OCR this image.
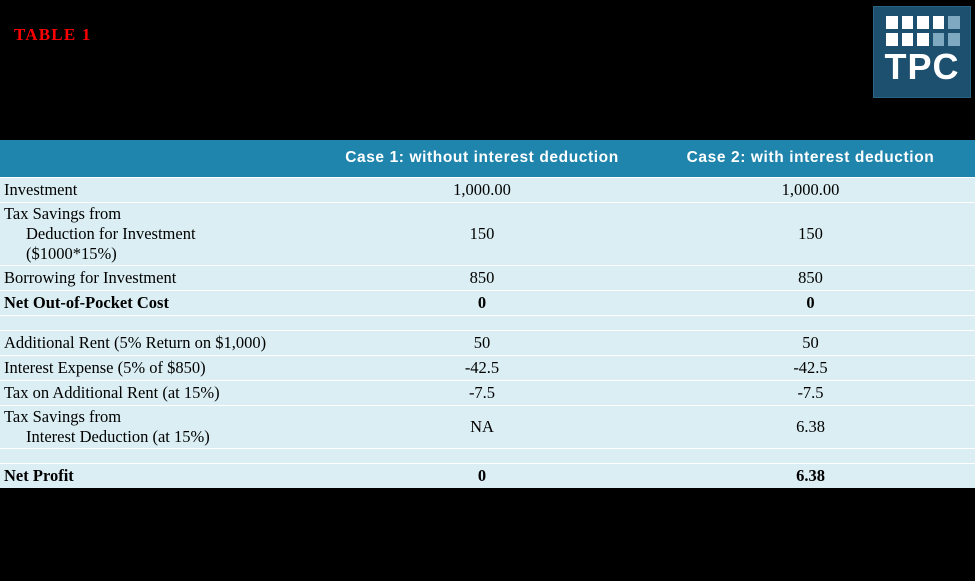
TABLE 1
TPC
	Case 1: without interest deduction	Case 2: with interest deduction

Investment	1,000.00	1,000.00

Tax Savings from
Deduction for Investment
($1000*15%)	150	150

Borrowing for Investment	850	850

Net Out-of-Pocket Cost	0	0

Additional Rent (5% Return on $1,000)	50	50

Interest Expense (5% of $850)	-42.5	-42.5

Tax on Additional Rent (at 15%)	-7.5	-7.5

Tax Savings from
Interest Deduction (at 15%)	NA	6.38

Net Profit	0	6.38
